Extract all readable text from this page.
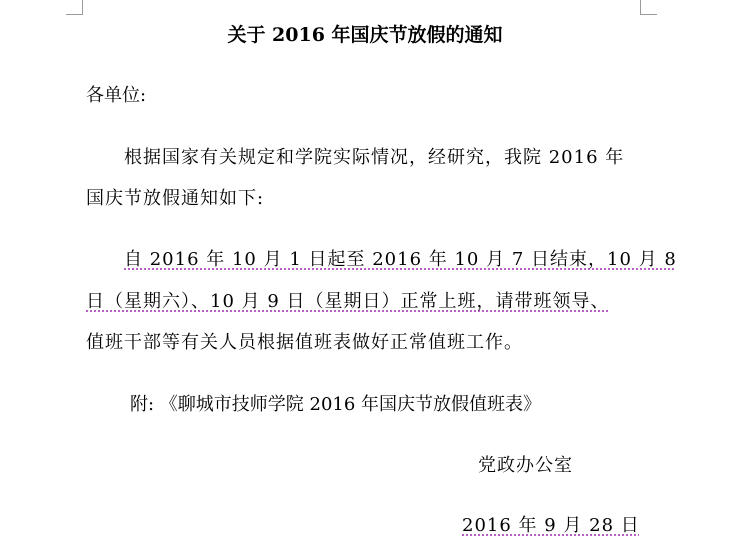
关于 2016 年国庆节放假的通知
各单位:
根据国家有关规定和学院实际情况，经研究，我院 2016 年
国庆节放假通知如下:
自 2016 年 10 月 1 日起至 2016 年 10 月 7 日结束，10 月 8
日（星期六）、10 月 9 日（星期日）正常上班，请带班领导、
值班干部等有关人员根据值班表做好正常值班工作。
附: 《聊城市技师学院 2016 年国庆节放假值班表》
党政办公室
2016 年 9 月 28 日
